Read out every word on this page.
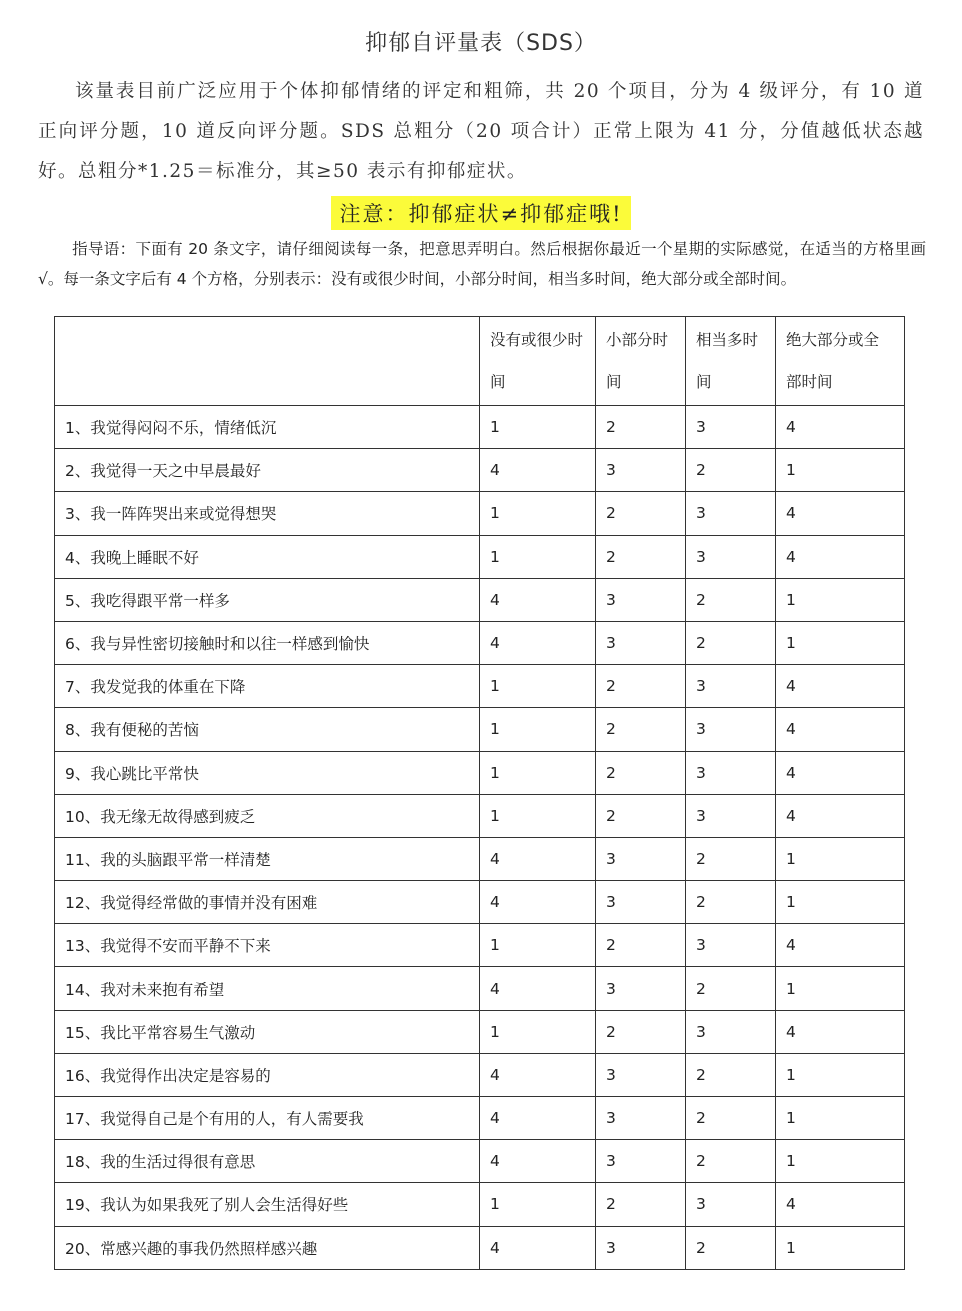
抑郁自评量表（SDS）
该量表目前广泛应用于个体抑郁情绪的评定和粗筛，共 20 个项目，分为 4 级评分，有 10 道正向评分题，10 道反向评分题。SDS 总粗分（20 项合计）正常上限为 41 分，分值越低状态越好。总粗分*1.25＝标准分，其≥50 表示有抑郁症状。
注意：抑郁症状≠抑郁症哦!
指导语：下面有 20 条文字，请仔细阅读每一条，把意思弄明白。然后根据你最近一个星期的实际感觉，在适当的方格里画 √。每一条文字后有 4 个方格，分别表示：没有或很少时间，小部分时间，相当多时间，绝大部分或全部时间。
	没有或很少时间	小部分时间	相当多时间	绝大部分或全部时间
1、我觉得闷闷不乐，情绪低沉	1	2	3	4
2、我觉得一天之中早晨最好	4	3	2	1
3、我一阵阵哭出来或觉得想哭	1	2	3	4
4、我晚上睡眠不好	1	2	3	4
5、我吃得跟平常一样多	4	3	2	1
6、我与异性密切接触时和以往一样感到愉快	4	3	2	1
7、我发觉我的体重在下降	1	2	3	4
8、我有便秘的苦恼	1	2	3	4
9、我心跳比平常快	1	2	3	4
10、我无缘无故得感到疲乏	1	2	3	4
11、我的头脑跟平常一样清楚	4	3	2	1
12、我觉得经常做的事情并没有困难	4	3	2	1
13、我觉得不安而平静不下来	1	2	3	4
14、我对未来抱有希望	4	3	2	1
15、我比平常容易生气激动	1	2	3	4
16、我觉得作出决定是容易的	4	3	2	1
17、我觉得自己是个有用的人，有人需要我	4	3	2	1
18、我的生活过得很有意思	4	3	2	1
19、我认为如果我死了别人会生活得好些	1	2	3	4
20、常感兴趣的事我仍然照样感兴趣	4	3	2	1
